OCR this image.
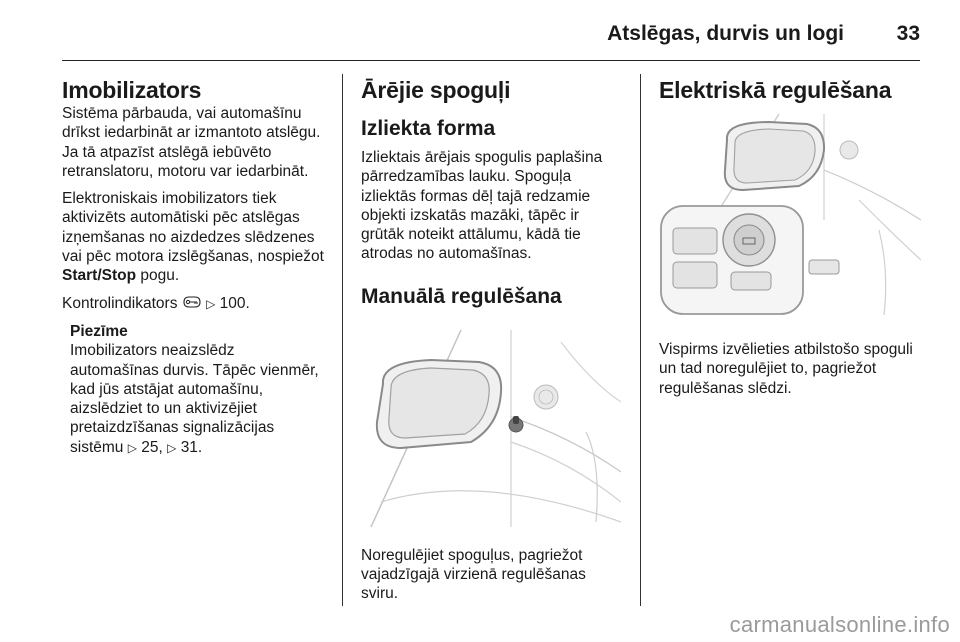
Atslēgas, durvis un logi	33
Imobilizators

Sistēma pārbauda, vai automašīnu drīkst iedarbināt ar izmantoto atslēgu. Ja tā atpazīst atslēgā iebūvēto retranslatoru, motoru var iedarbināt.

Elektroniskais imobilizators tiek aktivizēts automātiski pēc atslēgas izņemšanas no aizdedzes slēdzenes vai pēc motora izslēgšanas, nospiežot Start/Stop pogu.

Kontrolindikators  ▷ 100.

Piezīme

Imobilizators neaizslēdz automašīnas durvis. Tāpēc vienmēr, kad jūs atstājat automašīnu, aizslēdziet to un aktivizējiet pretaizdzīšanas signalizācijas sistēmu ▷ 25, ▷ 31.

Ārējie spoguļi
Izliekta forma

Izliektais ārējais spogulis paplašina pārredzamības lauku. Spoguļa izliektās formas dēļ tajā redzamie objekti izskatās mazāki, tāpēc ir grūtāk noteikt attālumu, kādā tie atrodas no automašīnas.

Manuālā regulēšana

Noregulējiet spoguļus, pagriežot vajadzīgajā virzienā regulēšanas sviru.

Elektriskā regulēšana

Vispirms izvēlieties atbilstošo spoguli un tad noregulējiet to, pagriežot regulēšanas slēdzi.

carmanualsonline.info
